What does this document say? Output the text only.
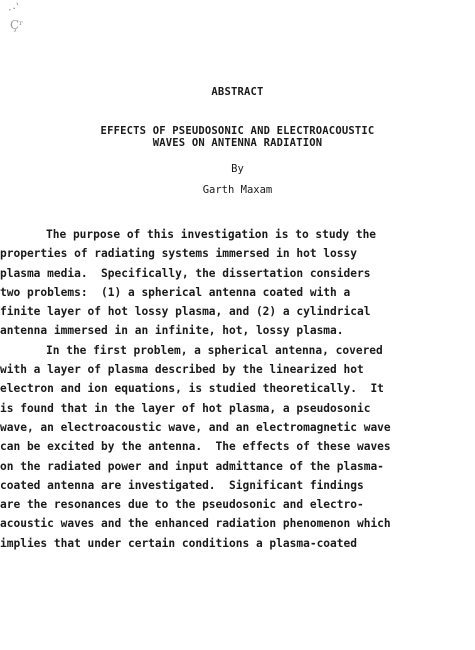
··ˈ
Çʳ
ABSTRACT
EFFECTS OF PSEUDOSONIC AND ELECTROACOUSTIC
WAVES ON ANTENNA RADIATION
By
Garth Maxam
The purpose of this investigation is to study the
properties of radiating systems immersed in hot lossy
plasma media.  Specifically, the dissertation considers
two problems:  (1) a spherical antenna coated with a
finite layer of hot lossy plasma, and (2) a cylindrical
antenna immersed in an infinite, hot, lossy plasma.
In the first problem, a spherical antenna, covered
with a layer of plasma described by the linearized hot
electron and ion equations, is studied theoretically.  It
is found that in the layer of hot plasma, a pseudosonic
wave, an electroacoustic wave, and an electromagnetic wave
can be excited by the antenna.  The effects of these waves
on the radiated power and input admittance of the plasma-
coated antenna are investigated.  Significant findings
are the resonances due to the pseudosonic and electro-
acoustic waves and the enhanced radiation phenomenon which
implies that under certain conditions a plasma-coated
